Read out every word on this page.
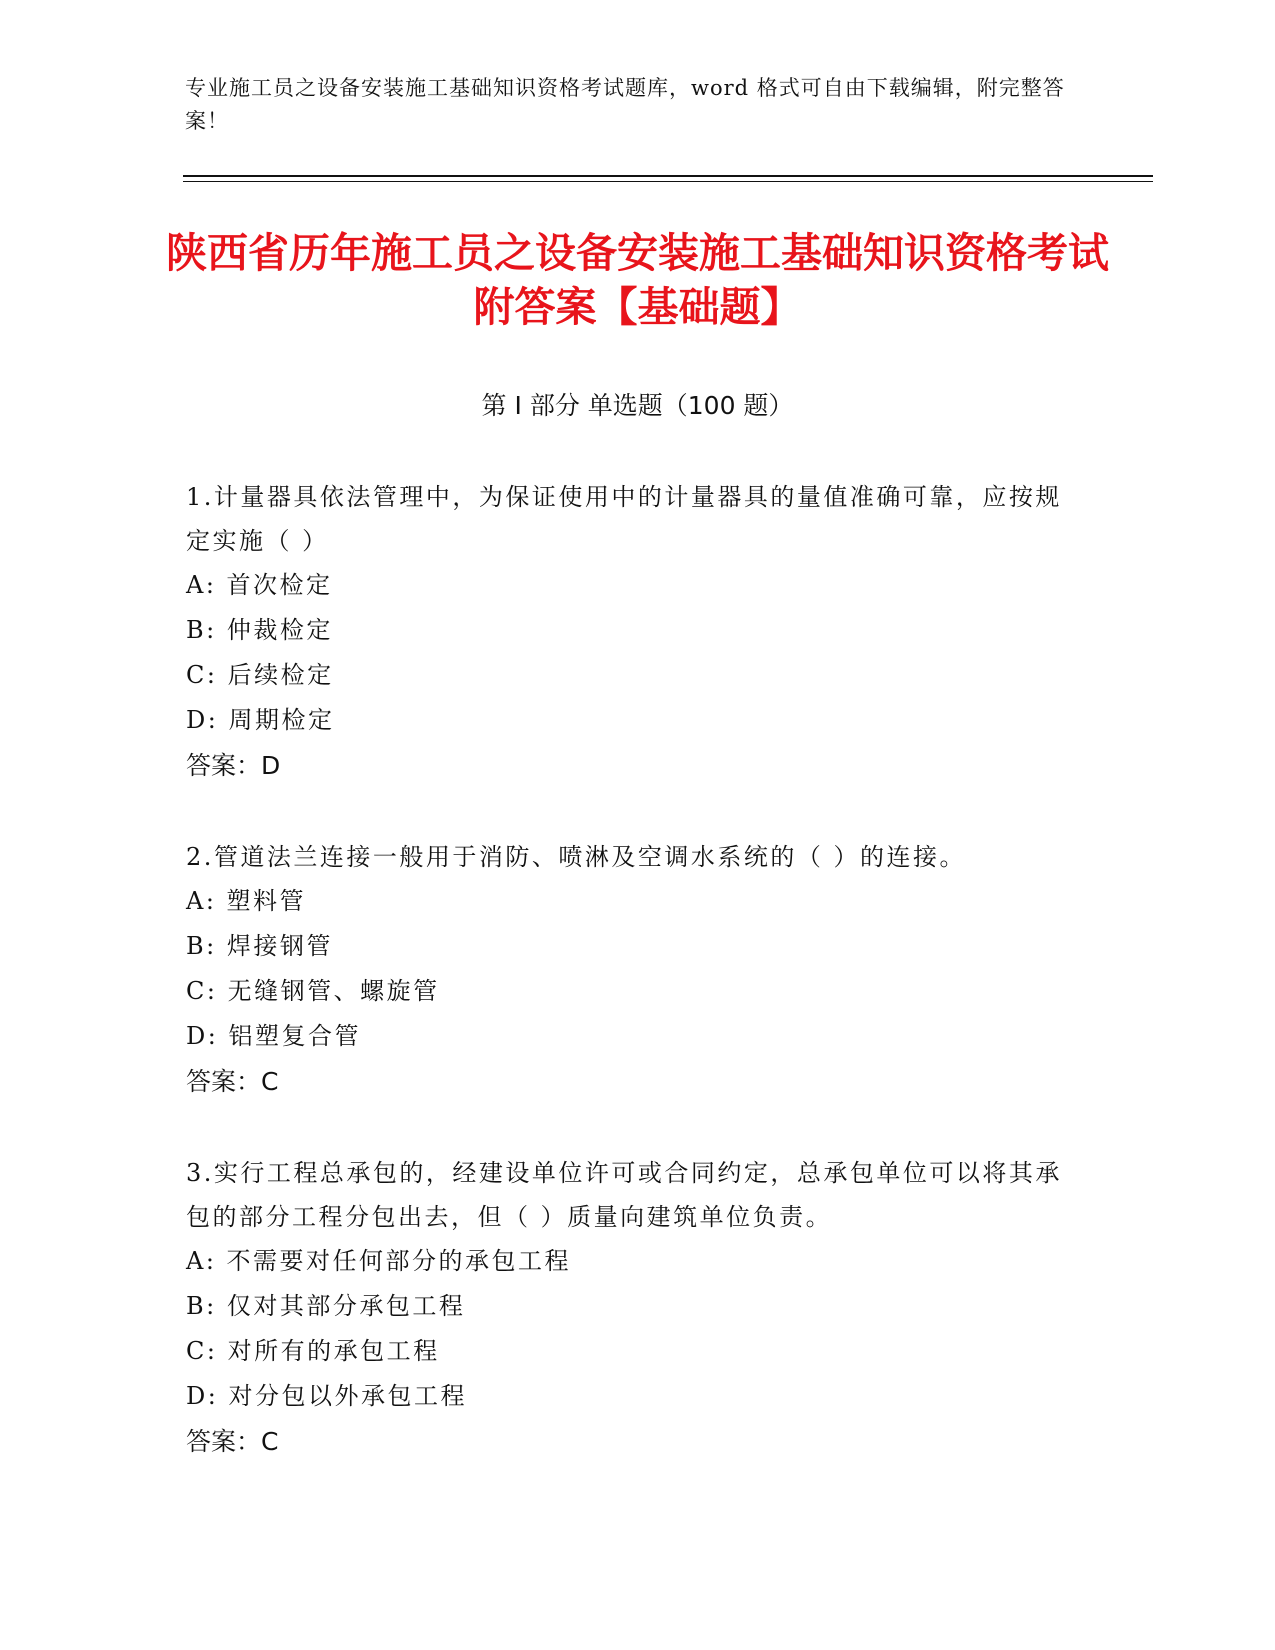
专业施工员之设备安装施工基础知识资格考试题库，word 格式可自由下载编辑，附完整答案！
陕西省历年施工员之设备安装施工基础知识资格考试附答案【基础题】
第 I 部分 单选题（100 题）
1.计量器具依法管理中，为保证使用中的计量器具的量值准确可靠，应按规定实施（ ）
A: 首次检定
B: 仲裁检定
C: 后续检定
D: 周期检定
答案：D
2.管道法兰连接一般用于消防、喷淋及空调水系统的（ ）的连接。
A: 塑料管
B: 焊接钢管
C: 无缝钢管、螺旋管
D: 铝塑复合管
答案：C
3.实行工程总承包的，经建设单位许可或合同约定，总承包单位可以将其承包的部分工程分包出去，但（ ）质量向建筑单位负责。
A: 不需要对任何部分的承包工程
B: 仅对其部分承包工程
C: 对所有的承包工程
D: 对分包以外承包工程
答案：C
